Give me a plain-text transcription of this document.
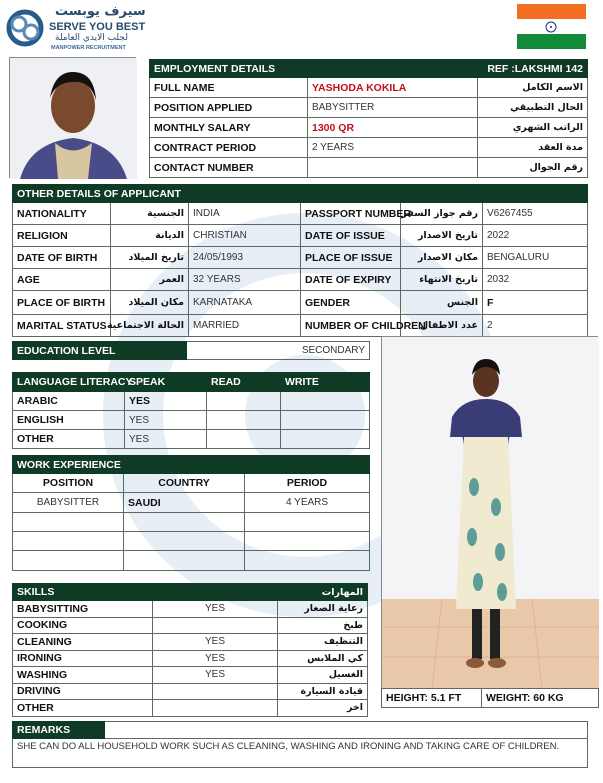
سيرف يوبست
SERVE YOU BEST
لجلب الايدي العاملة
MANPOWER RECRUITMENT
EMPLOYMENT DETAILS		REF :LAKSHMI 142
FULL NAME	YASHODA KOKILA	الاسم الكامل
POSITION APPLIED	BABYSITTER	الحال التطبيقي
MONTHLY SALARY	1300 QR	الراتب الشهري
CONTRACT PERIOD	2 YEARS	مدة العقد
CONTACT NUMBER		رقم الجوال
OTHER DETAILS OF APPLICANT					
NATIONALITY	الجنسية	INDIA	PASSPORT NUMBER	رقم جواز السفر	V6267455
RELIGION	الديانة	CHRISTIAN	DATE OF ISSUE	تاريخ الاصدار	2022
DATE OF BIRTH	تاريخ الميلاد	24/05/1993	PLACE OF ISSUE	مكان الاصدار	BENGALURU
AGE	العمر	32 YEARS	DATE OF EXPIRY	تاريخ الانتهاء	2032
PLACE OF BIRTH	مكان الميلاد	KARNATAKA	GENDER	الجنس	F
MARITAL STATUS	الحالة الاجتماعية	MARRIED	NUMBER OF CHILDREN	عدد الاطفال	2
EDUCATION LEVEL	SECONDARY
LANGUAGE LITERACY	SPEAK	READ	WRITE
ARABIC	YES		
ENGLISH	YES		
OTHER	YES		
WORK EXPERIENCE		
POSITION	COUNTRY	PERIOD
BABYSITTER	SAUDI	4 YEARS

SKILLS		المهارات
BABYSITTING	YES	رعاية الصغار
COOKING		طبخ
CLEANING	YES	التنظيف
IRONING	YES	كي الملابس
WASHING	YES	الغسيل
DRIVING		قيادة السيارة
OTHER		اخر
HEIGHT: 5.1 FT	WEIGHT: 60 KG
REMARKS	
SHE CAN DO ALL HOUSEHOLD WORK SUCH AS CLEANING, WASHING AND IRONING AND TAKING CARE OF CHILDREN.
